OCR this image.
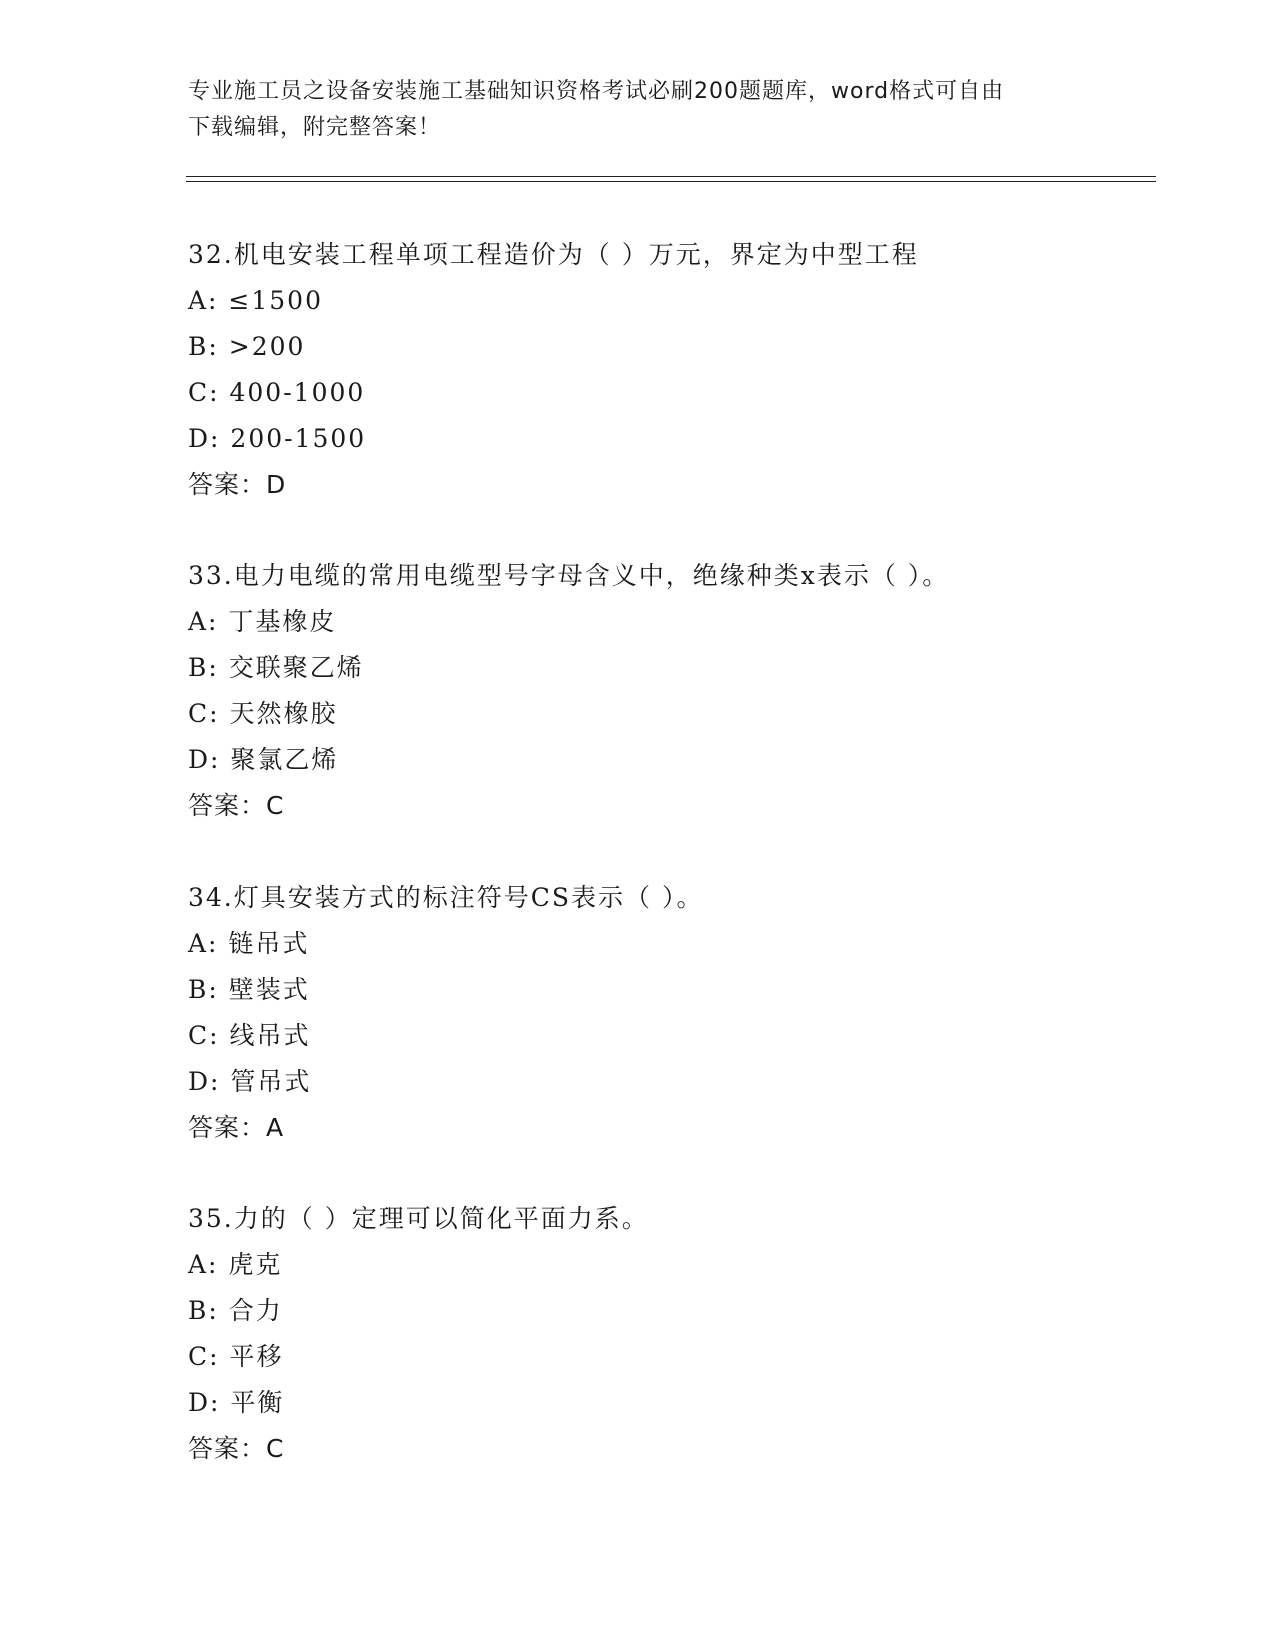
专业施工员之设备安装施工基础知识资格考试必刷200题题库，word格式可自由
下载编辑，附完整答案！
32.机电安装工程单项工程造价为（ ）万元，界定为中型工程
A: ≤1500
B: >200
C: 400-1000
D: 200-1500
答案：D
33.电力电缆的常用电缆型号字母含义中，绝缘种类x表示（ ）。
A: 丁基橡皮
B: 交联聚乙烯
C: 天然橡胶
D: 聚氯乙烯
答案：C
34.灯具安装方式的标注符号CS表示（ ）。
A: 链吊式
B: 壁装式
C: 线吊式
D: 管吊式
答案：A
35.力的（ ）定理可以简化平面力系。
A: 虎克
B: 合力
C: 平移
D: 平衡
答案：C
